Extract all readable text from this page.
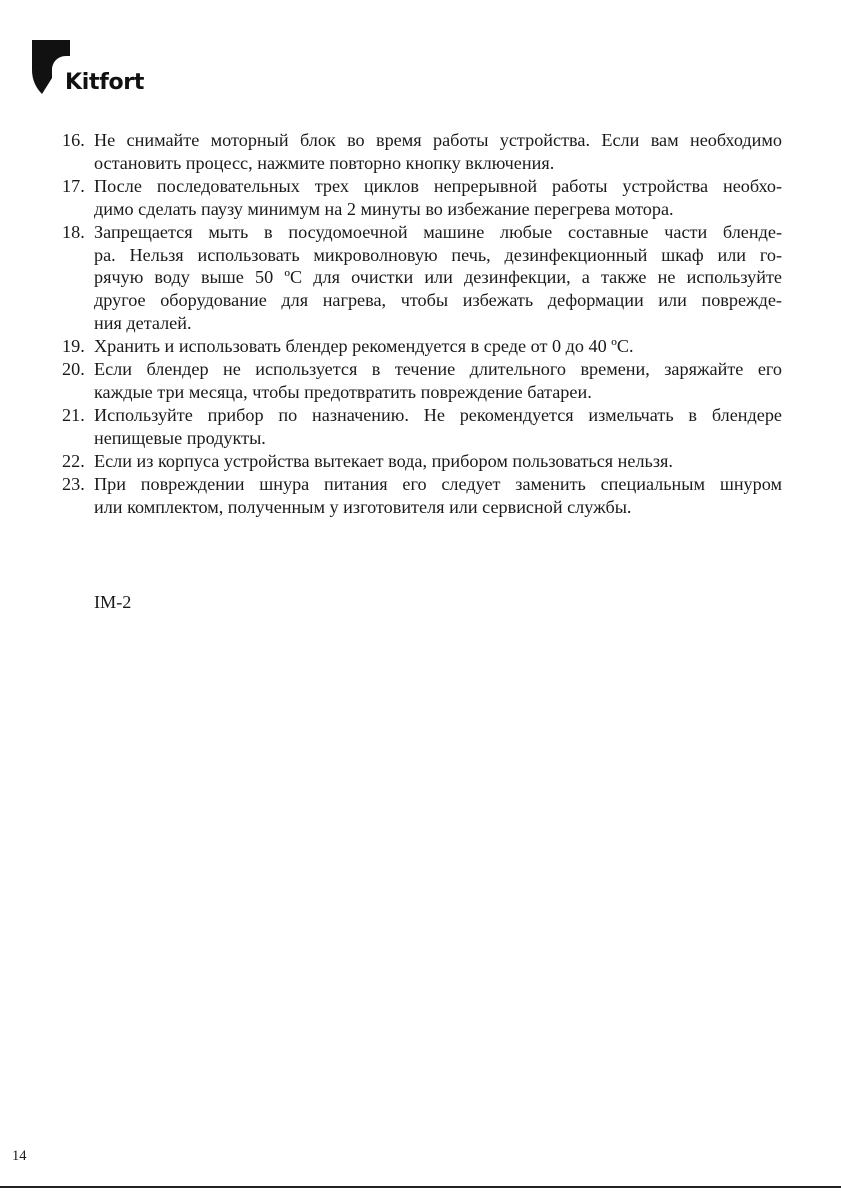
Kitfort
16. Не снимайте моторный блок во время работы устройства. Если вам необходимо
остановить процесс, нажмите повторно кнопку включения.
17. После последовательных трех циклов непрерывной работы устройства необхо-
димо сделать паузу минимум на 2 минуты во избежание перегрева мотора.
18. Запрещается мыть в посудомоечной машине любые составные части бленде-
ра. Нельзя использовать микроволновую печь, дезинфекционный шкаф или го-
рячую воду выше 50 ºС для очистки или дезинфекции, а также не используйте
другое оборудование для нагрева, чтобы избежать деформации или поврежде-
ния деталей.
19. Хранить и использовать блендер рекомендуется в среде от 0 до 40 ºС.
20. Если блендер не используется в течение длительного времени, заряжайте его
каждые три месяца, чтобы предотвратить повреждение батареи.
21. Используйте прибор по назначению. Не рекомендуется измельчать в блендере
непищевые продукты.
22. Если из корпуса устройства вытекает вода, прибором пользоваться нельзя.
23. При повреждении шнура питания его следует заменить специальным шнуром
или комплектом, полученным у изготовителя или сервисной службы.
IM-2
14
